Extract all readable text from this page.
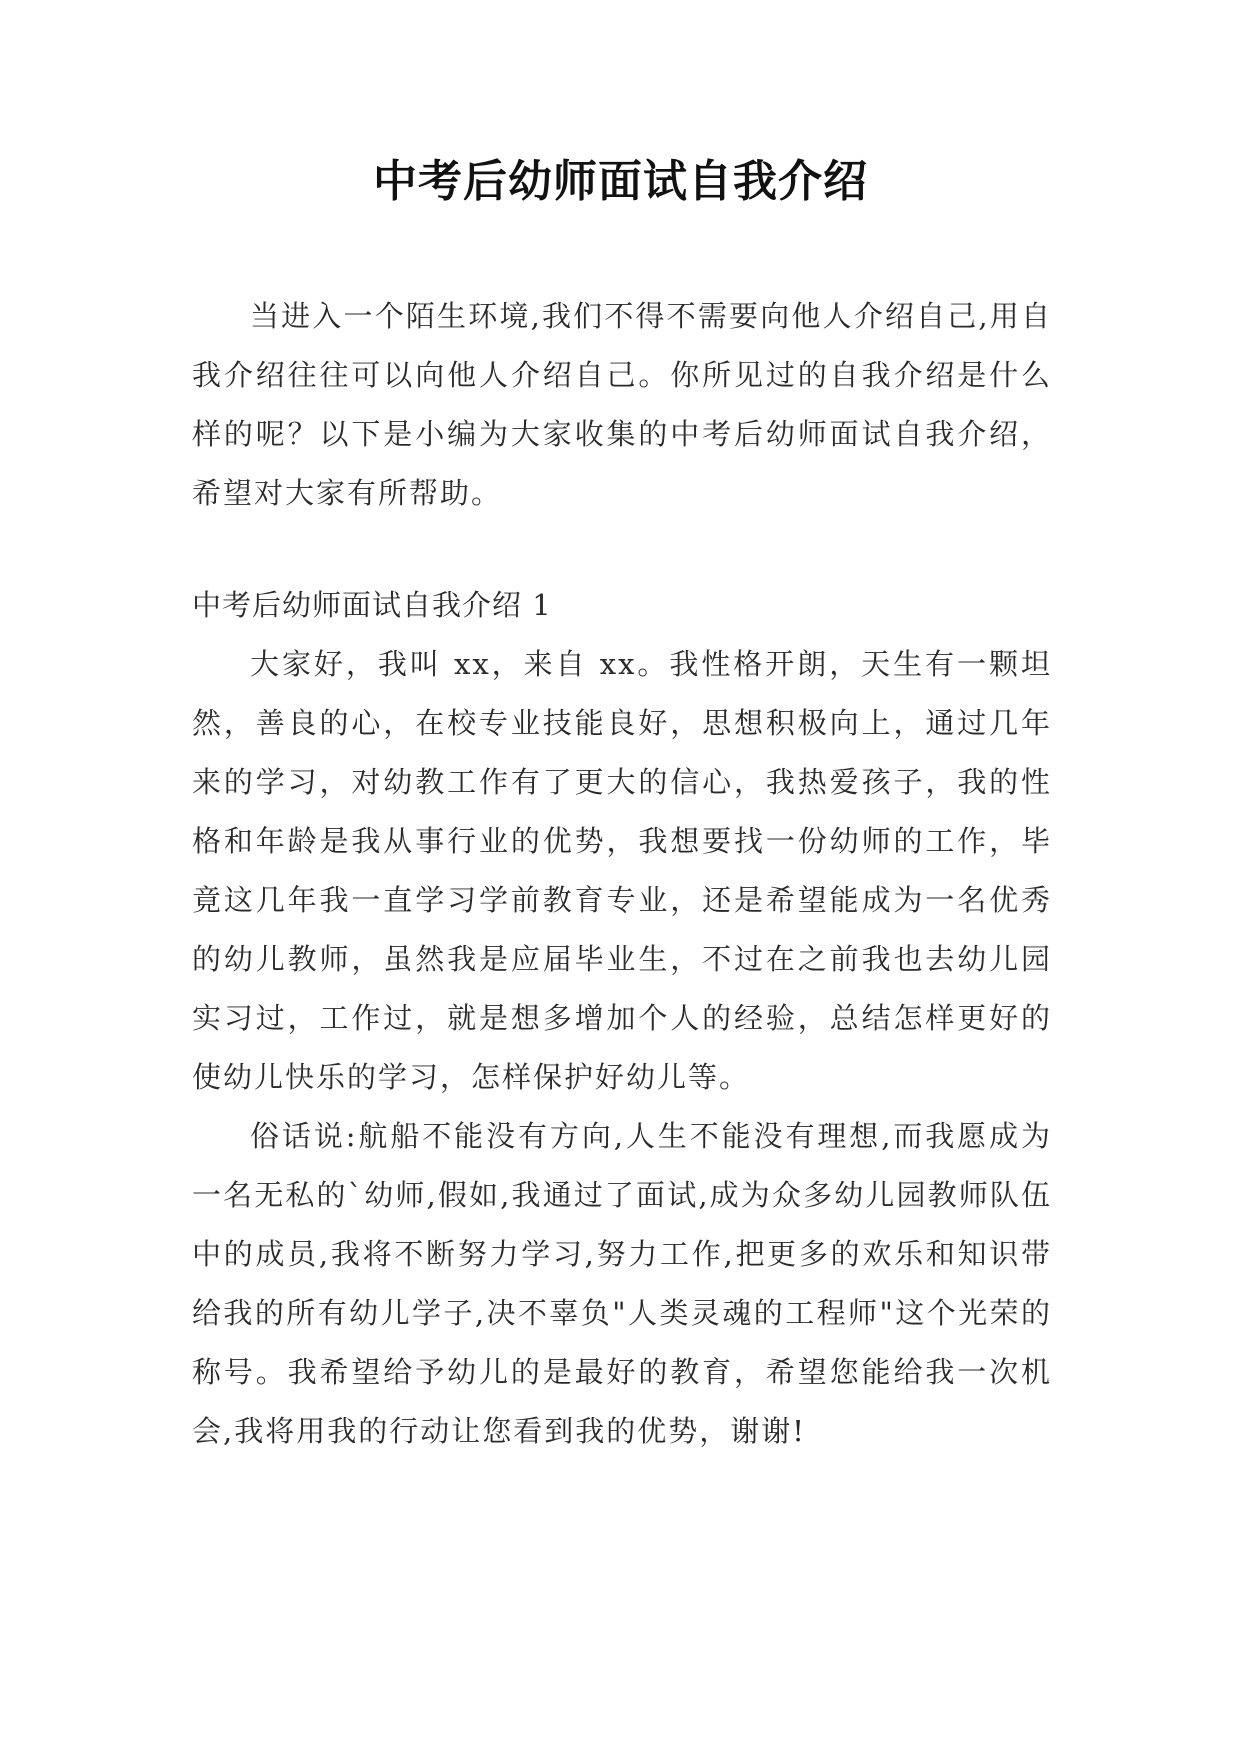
中考后幼师面试自我介绍

当进入一个陌生环境,我们不得不需要向他人介绍自己,用自我介绍往往可以向他人介绍自己。你所见过的自我介绍是什么样的呢？以下是小编为大家收集的中考后幼师面试自我介绍，希望对大家有所帮助。

中考后幼师面试自我介绍 1

大家好，我叫 xx，来自 xx。我性格开朗，天生有一颗坦然，善良的心，在校专业技能良好，思想积极向上，通过几年来的学习，对幼教工作有了更大的信心，我热爱孩子，我的性格和年龄是我从事行业的优势，我想要找一份幼师的工作，毕竟这几年我一直学习学前教育专业，还是希望能成为一名优秀的幼儿教师，虽然我是应届毕业生，不过在之前我也去幼儿园实习过，工作过，就是想多增加个人的经验，总结怎样更好的使幼儿快乐的学习，怎样保护好幼儿等。

俗话说:航船不能没有方向,人生不能没有理想,而我愿成为一名无私的`幼师,假如,我通过了面试,成为众多幼儿园教师队伍中的成员,我将不断努力学习,努力工作,把更多的欢乐和知识带给我的所有幼儿学子,决不辜负"人类灵魂的工程师"这个光荣的称号。我希望给予幼儿的是最好的教育，希望您能给我一次机会,我将用我的行动让您看到我的优势，谢谢!
